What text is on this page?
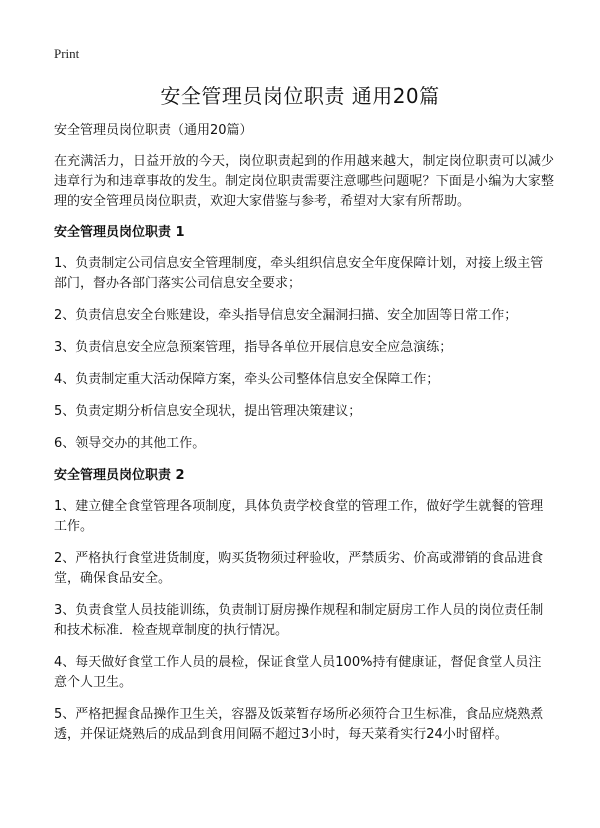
Print
安全管理员岗位职责 通用20篇
安全管理员岗位职责（通用20篇）
在充满活力，日益开放的今天，岗位职责起到的作用越来越大，制定岗位职责可以减少违章行为和违章事故的发生。制定岗位职责需要注意哪些问题呢？下面是小编为大家整理的安全管理员岗位职责，欢迎大家借鉴与参考，希望对大家有所帮助。
安全管理员岗位职责 1
1、负责制定公司信息安全管理制度，牵头组织信息安全年度保障计划，对接上级主管部门，督办各部门落实公司信息安全要求；
2、负责信息安全台账建设，牵头指导信息安全漏洞扫描、安全加固等日常工作；
3、负责信息安全应急预案管理，指导各单位开展信息安全应急演练；
4、负责制定重大活动保障方案，牵头公司整体信息安全保障工作；
5、负责定期分析信息安全现状，提出管理决策建议；
6、领导交办的其他工作。
安全管理员岗位职责 2
1、建立健全食堂管理各项制度，具体负责学校食堂的管理工作，做好学生就餐的管理工作。
2、严格执行食堂进货制度，购买货物须过秤验收，严禁质劣、价高或滞销的食品进食堂，确保食品安全。
3、负责食堂人员技能训练，负责制订厨房操作规程和制定厨房工作人员的岗位责任制和技术标准．检查规章制度的执行情况。
4、每天做好食堂工作人员的晨检，保证食堂人员100%持有健康证，督促食堂人员注意个人卫生。
5、严格把握食品操作卫生关，容器及饭菜暂存场所必须符合卫生标准，食品应烧熟煮透，并保证烧熟后的成品到食用间隔不超过3小时，每天菜肴实行24小时留样。
